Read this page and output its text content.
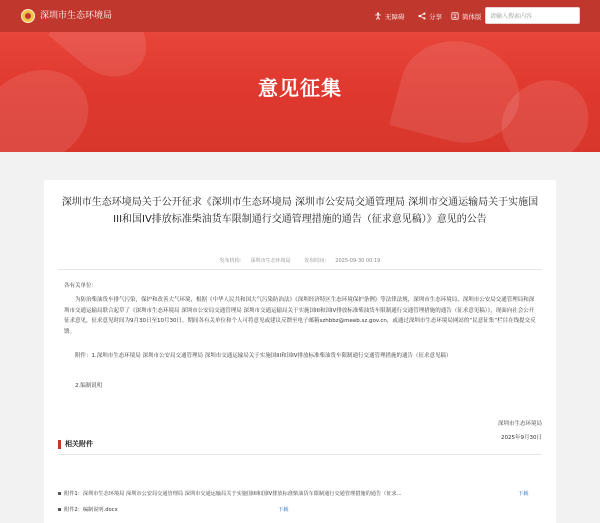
深圳市生态环境局	无障碍	分享	简体版
请输入搜索内容
意见征集
深圳市生态环境局关于公开征求《深圳市生态环境局 深圳市公安局交通管理局 深圳市交通运输局关于实施国III和国IV排放标准柴油货车限制通行交通管理措施的通告（征求意见稿）》意见的公告
发布机构： 深圳市生态环境局	发布时间： 2025-09-30 00:19
各有关单位：
为防治柴油货车排气污染，保护和改善大气环境，根据《中华人民共和国大气污染防治法》《深圳经济特区生态环境保护条例》等法律法规，深圳市生态环境局、深圳市公安局交通管理局和深圳市交通运输局联合起草了《深圳市生态环境局 深圳市公安局交通管理局 深圳市交通运输局关于实施国III和国IV排放标准柴油货车限制通行交通管理措施的通告（征求意见稿）》，现面向社会公开征求意见，征求意见时间为9月30日至10月30日。期间各有关单位和个人可将意见或建议反馈至电子邮箱szhbbz@meeb.sz.gov.cn，或通过深圳市生态环境局网站的“民意征集”栏目在线提交反馈。
附件：1.深圳市生态环境局 深圳市公安局交通管理局 深圳市交通运输局关于实施国III和国IV排放标准柴油货车限制通行交通管理措施的通告（征求意见稿）
2.编制说明
深圳市生态环境局
2025年9月30日
相关附件
附件1：深圳市生态环境局 深圳市公安局交通管理局 深圳市交通运输局关于实施国III和国IV排放标准柴油货车限制通行交通管理措施的通告（征求...	下载
附件2：编制说明.docx	下载
